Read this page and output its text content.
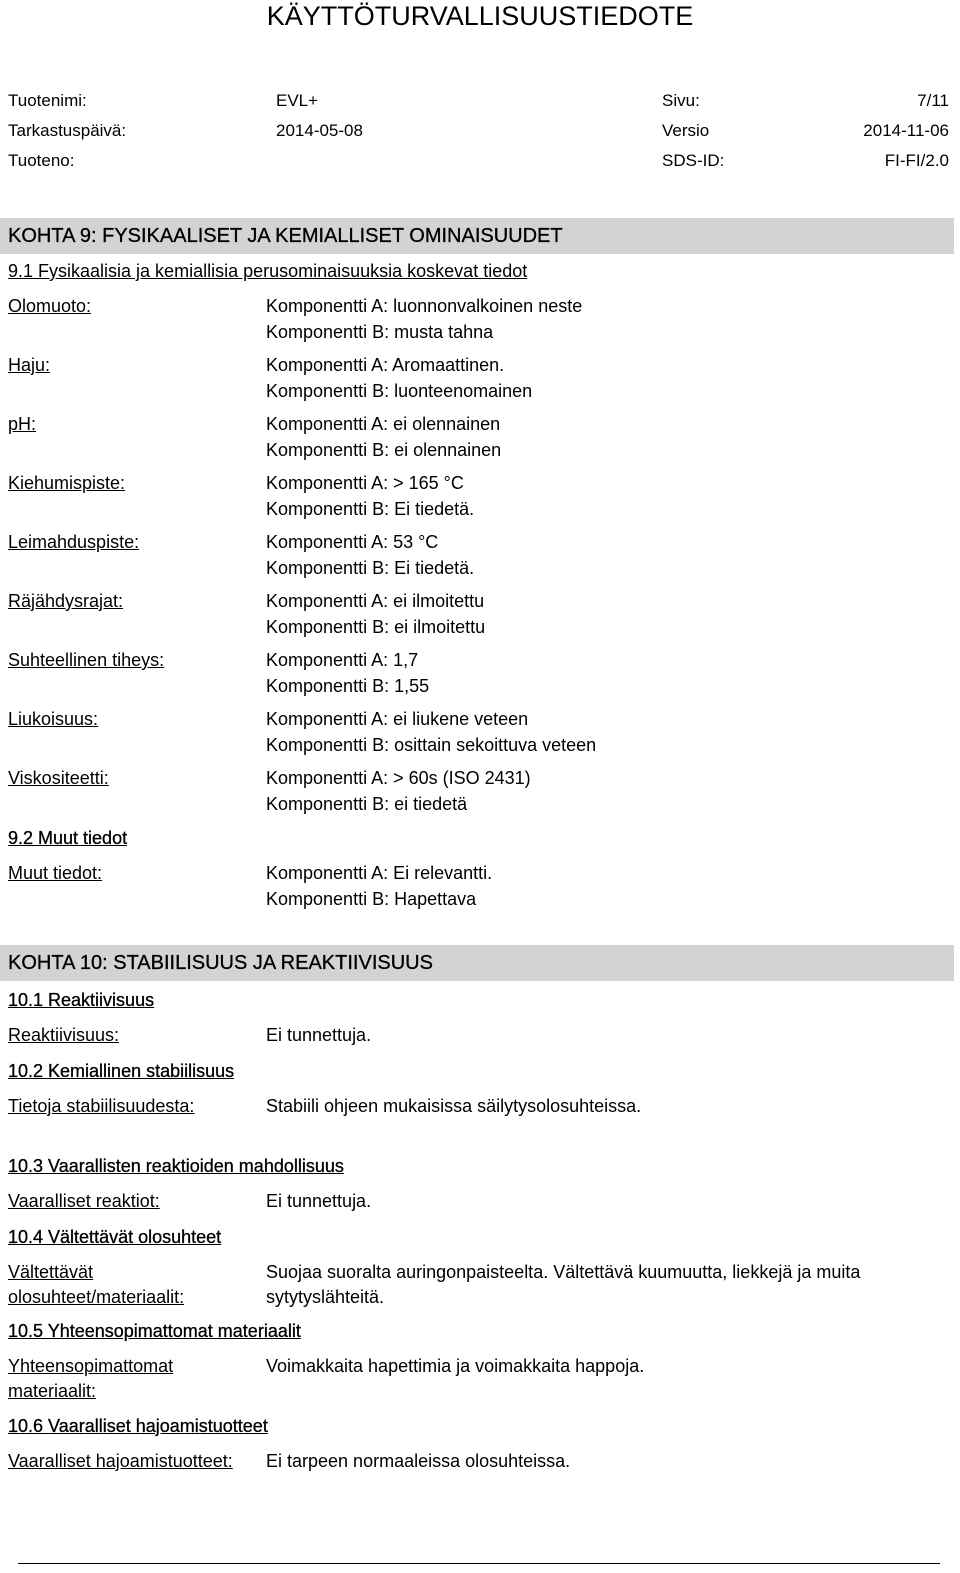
KÄYTTÖTURVALLISUUSTIEDOTE
Tuotenimi:	EVL+	Sivu:	7/11
Tarkastuspäivä:	2014-05-08	Versio	2014-11-06
Tuoteno:	SDS-ID:	FI-FI/2.0
KOHTA 9: FYSIKAALISET JA KEMIALLISET OMINAISUUDET
9.1 Fysikaalisia ja kemiallisia perusominaisuuksia koskevat tiedot
Olomuoto:	Komponentti A: luonnonvalkoinen neste
Komponentti B: musta tahna
Haju:	Komponentti A: Aromaattinen.
Komponentti B: luonteenomainen
pH:	Komponentti A: ei olennainen
Komponentti B: ei olennainen
Kiehumispiste:	Komponentti A: > 165 °C
Komponentti B: Ei tiedetä.
Leimahduspiste:	Komponentti A: 53 °C
Komponentti B: Ei tiedetä.
Räjähdysrajat:	Komponentti A: ei ilmoitettu
Komponentti B: ei ilmoitettu
Suhteellinen tiheys:	Komponentti A: 1,7
Komponentti B: 1,55
Liukoisuus:	Komponentti A: ei liukene veteen
Komponentti B: osittain sekoittuva veteen
Viskositeetti:	Komponentti A: > 60s (ISO 2431)
Komponentti B: ei tiedetä
9.2 Muut tiedot
Muut tiedot:	Komponentti A: Ei relevantti.
Komponentti B: Hapettava
KOHTA 10: STABIILISUUS JA REAKTIIVISUUS
10.1 Reaktiivisuus
Reaktiivisuus:	Ei tunnettuja.
10.2 Kemiallinen stabiilisuus
Tietoja stabiilisuudesta:	Stabiili ohjeen mukaisissa säilytysolosuhteissa.
10.3 Vaarallisten reaktioiden mahdollisuus
Vaaralliset reaktiot:	Ei tunnettuja.
10.4 Vältettävät olosuhteet
Vältettävät
olosuhteet/materiaalit:
Suojaa suoralta auringonpaisteelta. Vältettävä kuumuutta, liekkejä ja muita
sytytyslähteitä.
10.5 Yhteensopimattomat materiaalit
Yhteensopimattomat
materiaalit:
Voimakkaita hapettimia ja voimakkaita happoja.
10.6 Vaaralliset hajoamistuotteet
Vaaralliset hajoamistuotteet: Ei tarpeen normaaleissa olosuhteissa.
